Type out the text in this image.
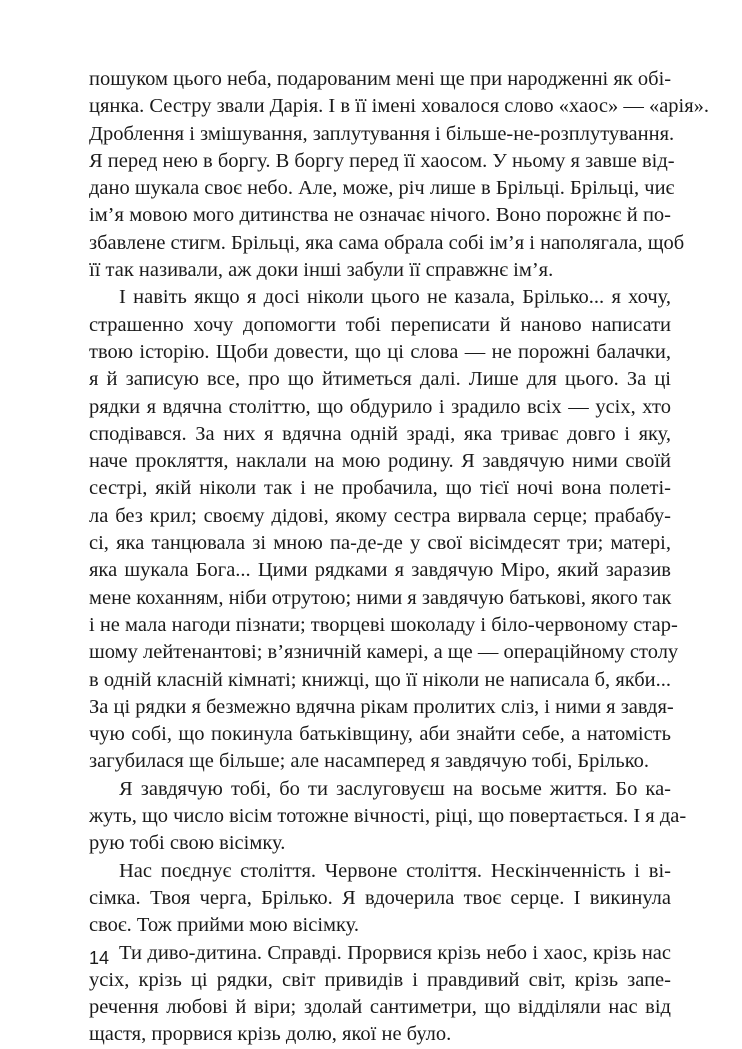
пошуком цього неба, подарованим мені ще при народженні як обі-
цянка. Сестру звали Дарія. І в її імені ховалося слово «хаос» — «арія».
Дроблення і змішування, заплутування і більше-не-розплутування.
Я перед нею в боргу. В боргу перед її хаосом. У ньому я завше від-
дано шукала своє небо. Але, може, річ лише в Брільці. Брільці, чиє
ім’я мовою мого дитинства не означає нічого. Воно порожнє й по-
збавлене стигм. Брільці, яка сама обрала собі ім’я і наполягала, щоб
її так називали, аж доки інші забули її справжнє ім’я.

І навіть якщо я досі ніколи цього не казала, Брілько... я хочу,
страшенно хочу допомогти тобі переписати й наново написати
твою історію. Щоби довести, що ці слова — не порожні балачки,
я й записую все, про що йтиметься далі. Лише для цього. За ці
рядки я вдячна століттю, що обдурило і зрадило всіх — усіх, хто
сподівався. За них я вдячна одній зраді, яка триває довго і яку,
наче прокляття, наклали на мою родину. Я завдячую ними своїй
сестрі, якій ніколи так і не пробачила, що тієї ночі вона полеті-
ла без крил; своєму дідові, якому сестра вирвала серце; прабабу-
сі, яка танцювала зі мною па-де-де у свої вісімдесят три; матері,
яка шукала Бога... Цими рядками я завдячую Міро, який заразив
мене коханням, ніби отрутою; ними я завдячую батькові, якого так
і не мала нагоди пізнати; творцеві шоколаду і біло-червоному стар-
шому лейтенантові; в’язничній камері, а ще — операційному столу
в одній класній кімнаті; книжці, що її ніколи не написала б, якби...
За ці рядки я безмежно вдячна рікам пролитих сліз, і ними я завдя-
чую собі, що покинула батьківщину, аби знайти себе, а натомість
загубилася ще більше; але насамперед я завдячую тобі, Брілько.

Я завдячую тобі, бо ти заслуговуєш на восьме життя. Бо ка-
жуть, що число вісім тотожне вічності, ріці, що повертається. І я да-
рую тобі свою вісімку.

Нас поєднує століття. Червоне століття. Нескінченність і ві-
сімка. Твоя черга, Брілько. Я вдочерила твоє серце. І викинула
своє. Тож прийми мою вісімку.

Ти диво-дитина. Справді. Прорвися крізь небо і хаос, крізь нас
усіх, крізь ці рядки, світ привидів і правдивий світ, крізь запе-
речення любові й віри; здолай сантиметри, що відділяли нас від
щастя, прорвися крізь долю, якої не було.

14
